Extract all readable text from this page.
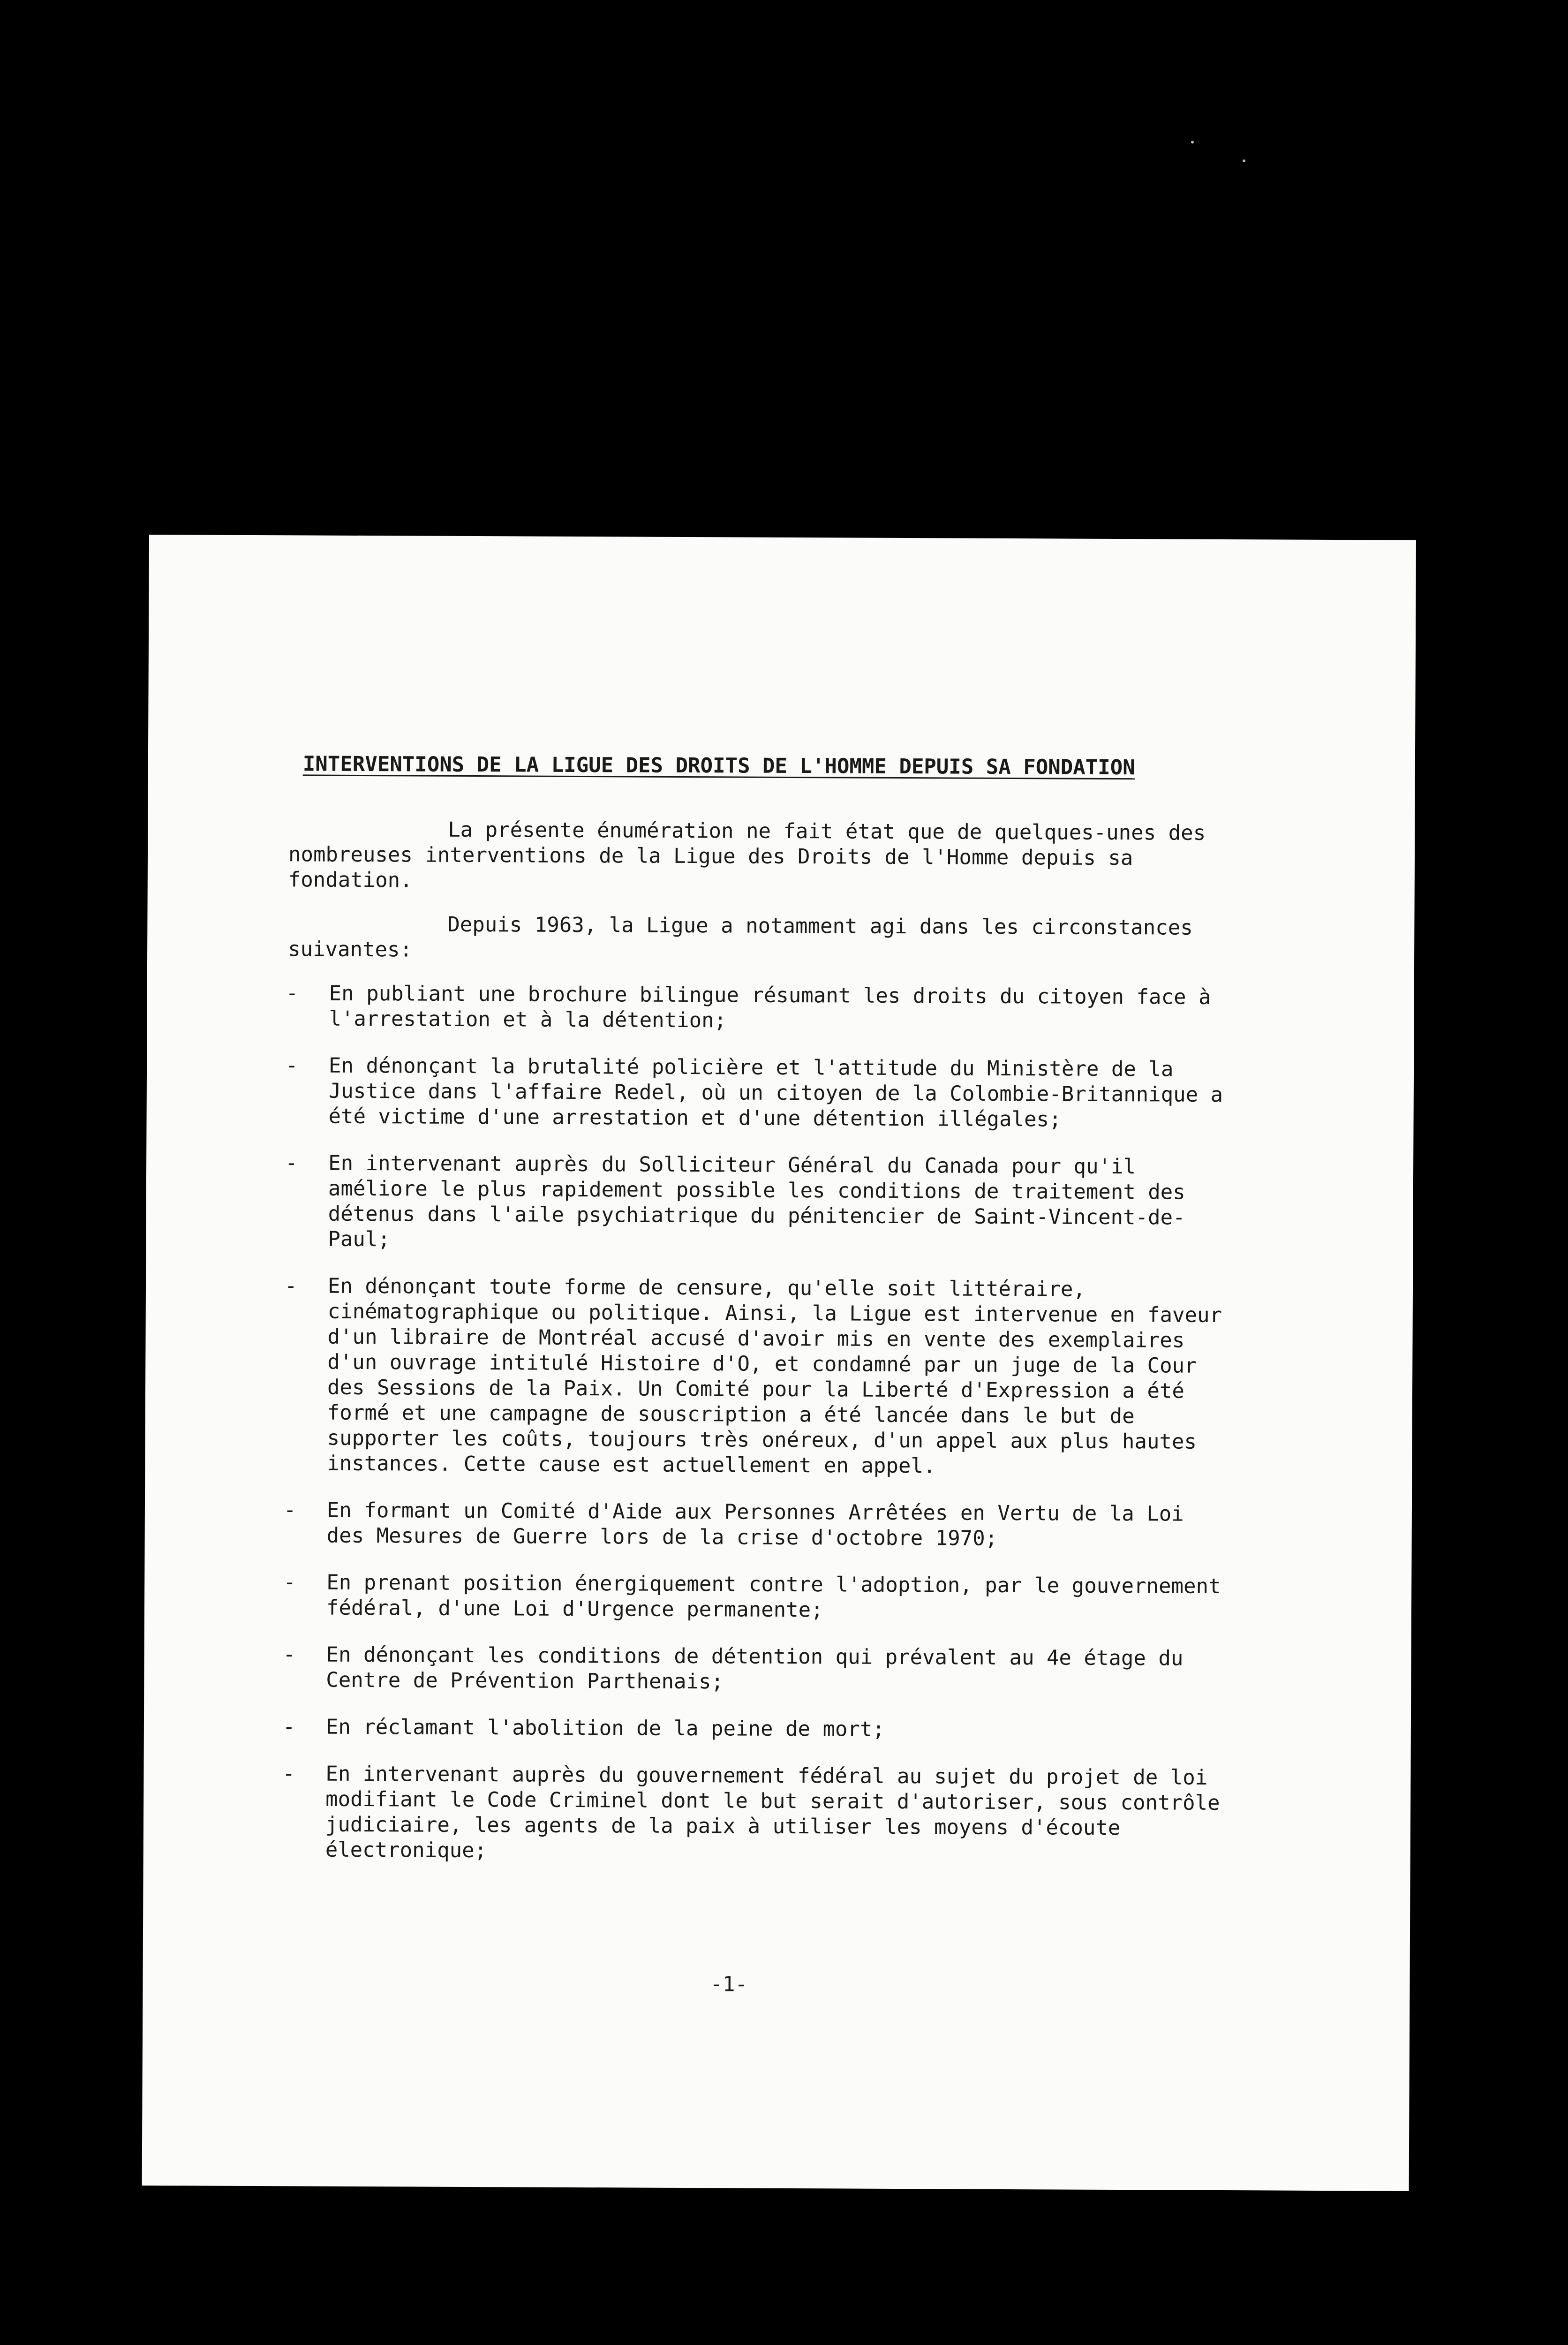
INTERVENTIONS DE LA LIGUE DES DROITS DE L'HOMME DEPUIS SA FONDATION

La présente énumération ne fait état que de quelques-unes des nombreuses interventions de la Ligue des Droits de l'Homme depuis sa fondation.

Depuis 1963, la Ligue a notamment agi dans les circonstances suivantes:

- En publiant une brochure bilingue résumant les droits du citoyen face à l'arrestation et à la détention;
- En dénonçant la brutalité policière et l'attitude du Ministère de la Justice dans l'affaire Redel, où un citoyen de la Colombie-Britannique a été victime d'une arrestation et d'une détention illégales;
- En intervenant auprès du Solliciteur Général du Canada pour qu'il améliore le plus rapidement possible les conditions de traitement des détenus dans l'aile psychiatrique du pénitencier de Saint-Vincent-de-Paul;
- En dénonçant toute forme de censure, qu'elle soit littéraire, cinématographique ou politique. Ainsi, la Ligue est intervenue en faveur d'un libraire de Montréal accusé d'avoir mis en vente des exemplaires d'un ouvrage intitulé Histoire d'O, et condamné par un juge de la Cour des Sessions de la Paix. Un Comité pour la Liberté d'Expression a été formé et une campagne de souscription a été lancée dans le but de supporter les coûts, toujours très onéreux, d'un appel aux plus hautes instances. Cette cause est actuellement en appel.
- En formant un Comité d'Aide aux Personnes Arrêtées en Vertu de la Loi des Mesures de Guerre lors de la crise d'octobre 1970;
- En prenant position énergiquement contre l'adoption, par le gouvernement fédéral, d'une Loi d'Urgence permanente;
- En dénonçant les conditions de détention qui prévalent au 4e étage du Centre de Prévention Parthenais;
- En réclamant l'abolition de la peine de mort;
- En intervenant auprès du gouvernement fédéral au sujet du projet de loi modifiant le Code Criminel dont le but serait d'autoriser, sous contrôle judiciaire, les agents de la paix à utiliser les moyens d'écoute électronique;
-1-
